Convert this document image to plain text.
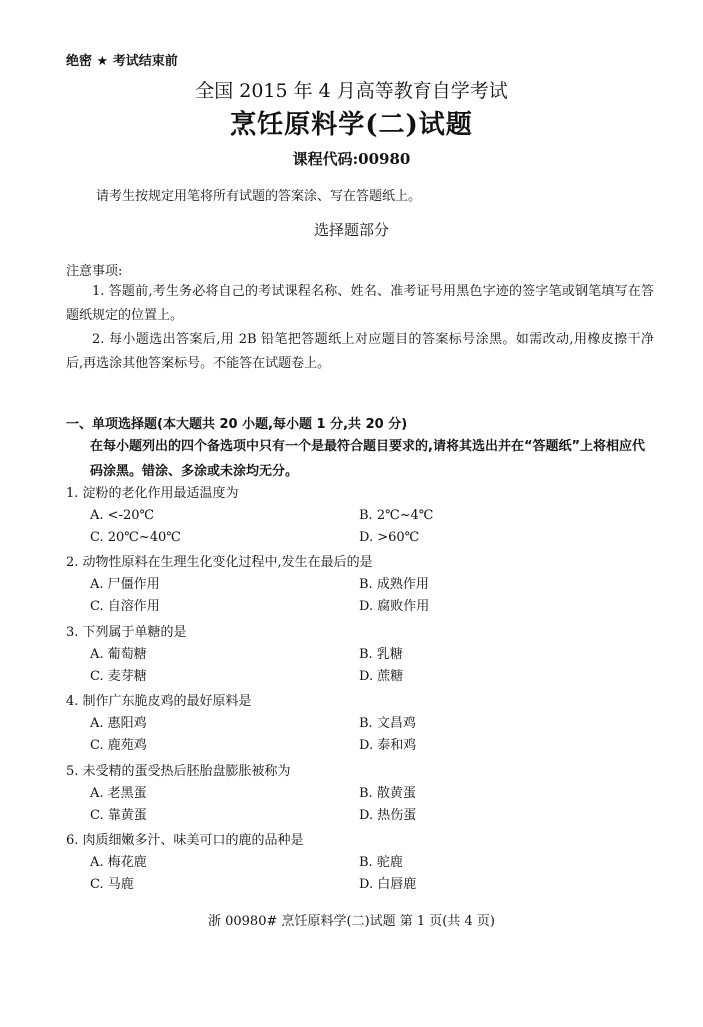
绝密 ★ 考试结束前
全国 2015 年 4 月高等教育自学考试
烹饪原料学(二)试题
课程代码:00980
请考生按规定用笔将所有试题的答案涂、写在答题纸上。
选择题部分
注意事项:
1. 答题前,考生务必将自己的考试课程名称、姓名、准考证号用黑色字迹的签字笔或钢笔填写在答题纸规定的位置上。
2. 每小题选出答案后,用 2B 铅笔把答题纸上对应题目的答案标号涂黑。如需改动,用橡皮擦干净后,再选涂其他答案标号。不能答在试题卷上。
一、单项选择题(本大题共 20 小题,每小题 1 分,共 20 分)
在每小题列出的四个备选项中只有一个是最符合题目要求的,请将其选出并在“答题纸”上将相应代码涂黑。错涂、多涂或未涂均无分。
1. 淀粉的老化作用最适温度为
A. <-20℃	B. 2℃~4℃
C. 20℃~40℃	D. >60℃
2. 动物性原料在生理生化变化过程中,发生在最后的是
A. 尸僵作用	B. 成熟作用
C. 自溶作用	D. 腐败作用
3. 下列属于单糖的是
A. 葡萄糖	B. 乳糖
C. 麦芽糖	D. 蔗糖
4. 制作广东脆皮鸡的最好原料是
A. 惠阳鸡	B. 文昌鸡
C. 鹿苑鸡	D. 泰和鸡
5. 未受精的蛋受热后胚胎盘膨胀被称为
A. 老黑蛋	B. 散黄蛋
C. 靠黄蛋	D. 热伤蛋
6. 肉质细嫩多汁、味美可口的鹿的品种是
A. 梅花鹿	B. 驼鹿
C. 马鹿	D. 白唇鹿
浙 00980# 烹饪原料学(二)试题 第 1 页(共 4 页)
